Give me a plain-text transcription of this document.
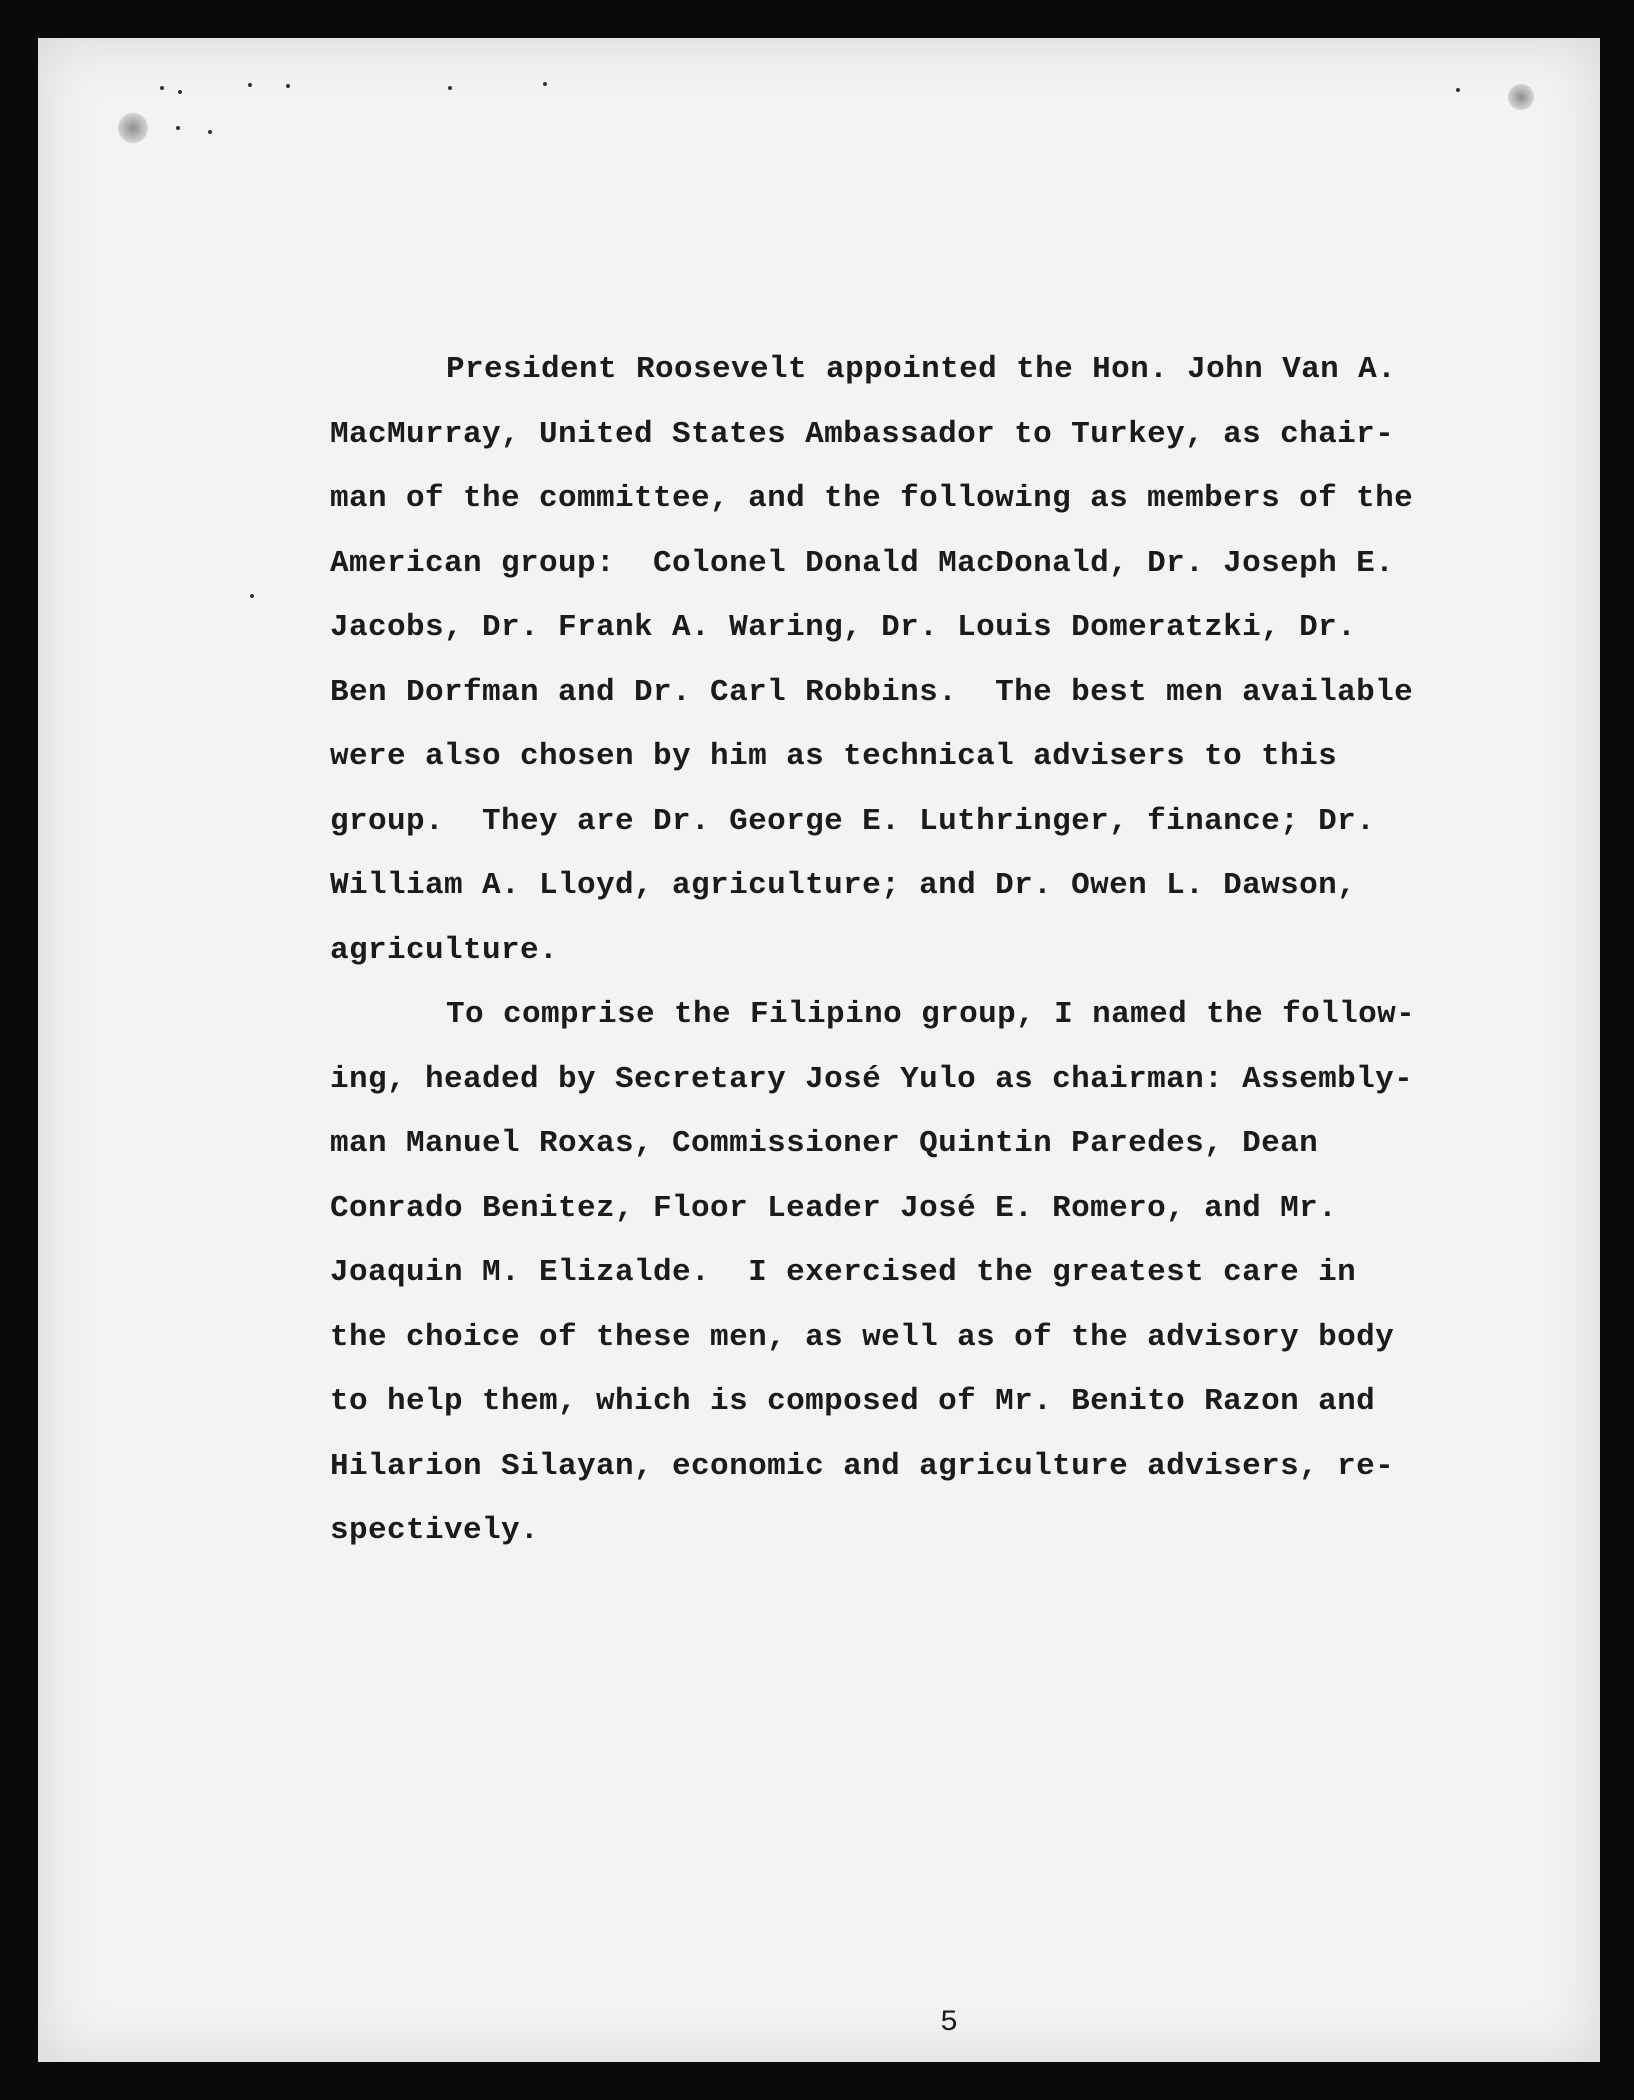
President Roosevelt appointed the Hon. John Van A.
MacMurray, United States Ambassador to Turkey, as chair-
man of the committee, and the following as members of the
American group:  Colonel Donald MacDonald, Dr. Joseph E.
Jacobs, Dr. Frank A. Waring, Dr. Louis Domeratzki, Dr.
Ben Dorfman and Dr. Carl Robbins.  The best men available
were also chosen by him as technical advisers to this
group.  They are Dr. George E. Luthringer, finance; Dr.
William A. Lloyd, agriculture; and Dr. Owen L. Dawson,
agriculture.
To comprise the Filipino group, I named the follow-
ing, headed by Secretary José Yulo as chairman: Assembly-
man Manuel Roxas, Commissioner Quintin Paredes, Dean
Conrado Benitez, Floor Leader José E. Romero, and Mr.
Joaquin M. Elizalde.  I exercised the greatest care in
the choice of these men, as well as of the advisory body
to help them, which is composed of Mr. Benito Razon and
Hilarion Silayan, economic and agriculture advisers, re-
spectively.
5
